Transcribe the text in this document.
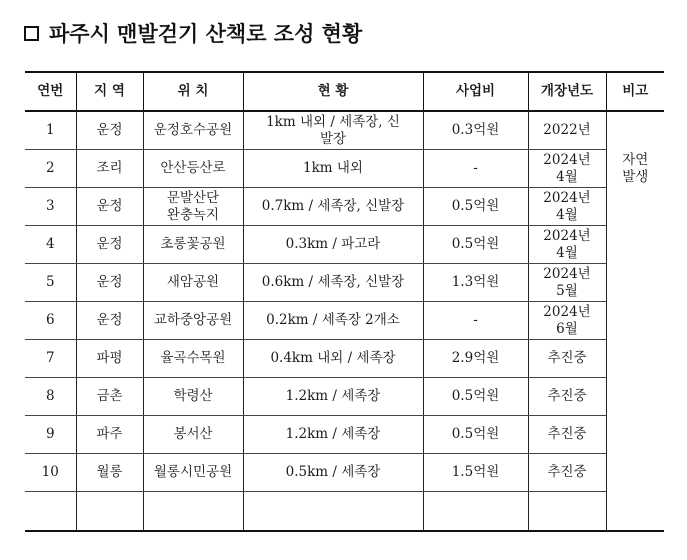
파주시 맨발걷기 산책로 조성 현황
연번	지 역	위 치	현 황	사업비	개장년도	비고
1	운정	운정호수공원	1km 내외 / 세족장, 신발장	0.3억원	2022년	
2	조리	안산등산로	1km 내외	-	2024년 4월	자연 발생
3	운정	문발산단 완충녹지	0.7km / 세족장, 신발장	0.5억원	2024년 4월	
4	운정	초롱꽃공원	0.3km / 파고라	0.5억원	2024년 4월	
5	운정	새암공원	0.6km / 세족장, 신발장	1.3억원	2024년 5월	
6	운정	교하중앙공원	0.2km / 세족장 2개소	-	2024년 6월	
7	파평	율곡수목원	0.4km 내외 / 세족장	2.9억원	추진중	
8	금촌	학령산	1.2km / 세족장	0.5억원	추진중	
9	파주	봉서산	1.2km / 세족장	0.5억원	추진중	
10	월롱	월롱시민공원	0.5km / 세족장	1.5억원	추진중	
